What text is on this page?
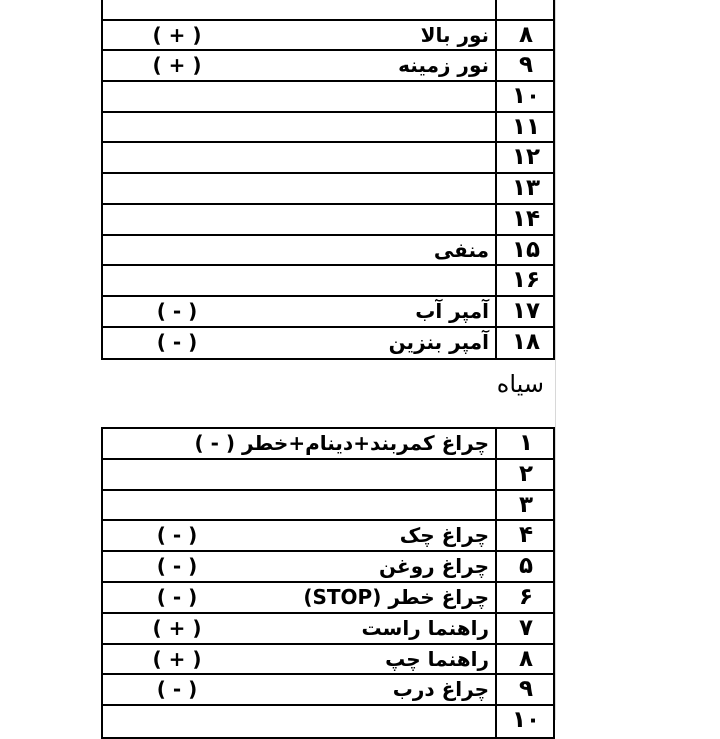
۸
نور بالا
( + )
۹
نور زمینه
( + )
۱۰
۱۱
۱۲
۱۳
۱۴
۱۵
منفی
۱۶
۱۷
آمپر آب
( - )
۱۸
آمپر بنزین
( - )
سیاه
۱
چراغ کمربند+دینام+خطر ( - )
۲
۳
۴
چراغ چک
( - )
۵
چراغ روغن
( - )
۶
چراغ خطر (STOP)
( - )
۷
راهنما راست
( + )
۸
راهنما چپ
( + )
۹
چراغ درب
( - )
۱۰
